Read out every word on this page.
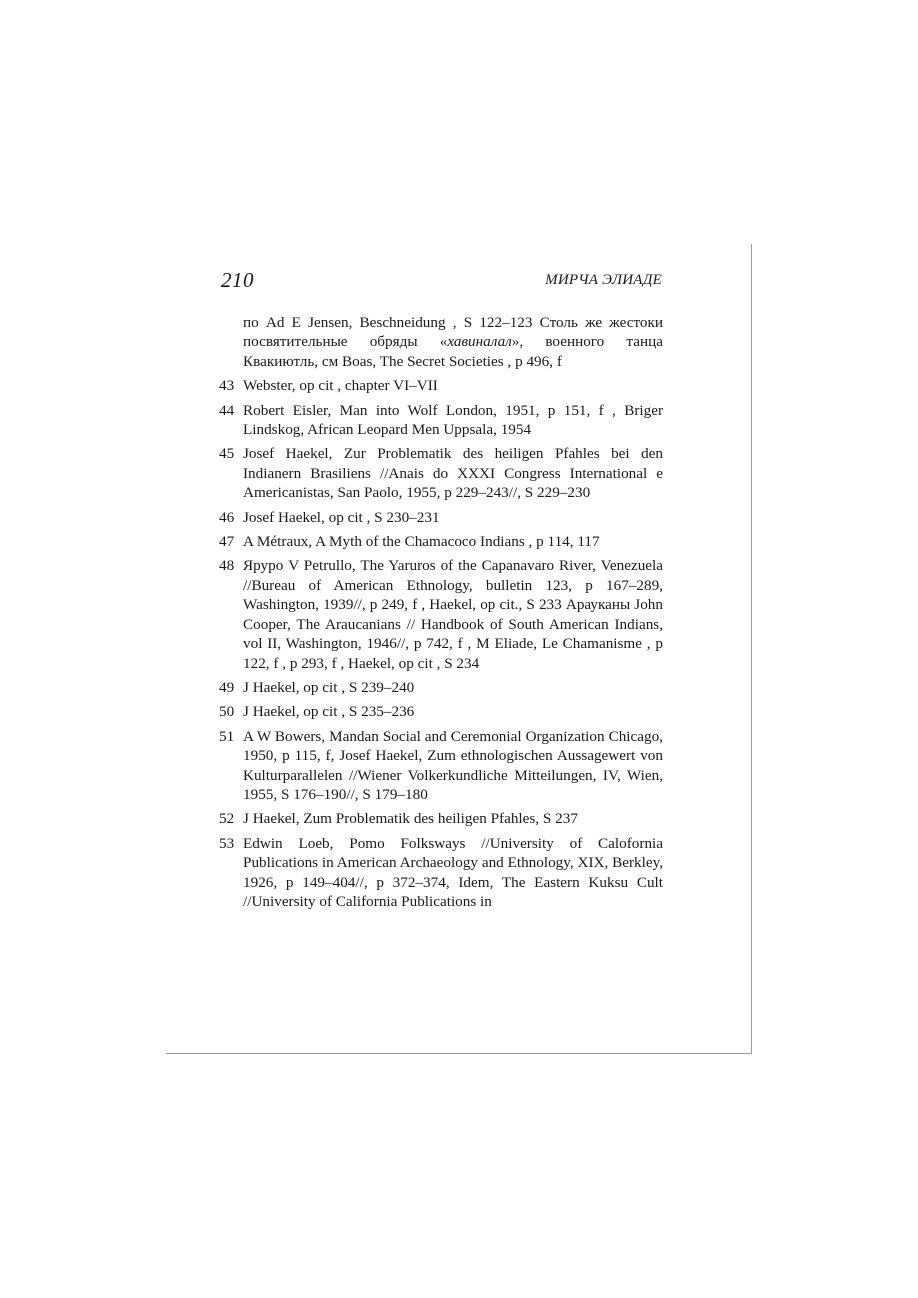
210	МИРЧА ЭЛИАДЕ
по Ad E Jensen, Beschneidung , S 122–123 Столь же жестоки посвятительные обряды «хавиналал», военного танца Квакиютль, см Boas, The Secret Societies , p 496, f
43 Webster, op cit , chapter VI–VII
44 Robert Eisler, Man into Wolf London, 1951, p 151, f , Briger Lindskog, African Leopard Men Uppsala, 1954
45 Josef Haekel, Zur Problematik des heiligen Pfahles bei den Indianern Brasiliens //Anais do XXXI Congress International e Americanistas, San Paolo, 1955, p 229–243//, S 229–230
46 Josef Haekel, op cit , S 230–231
47 A Métraux, A Myth of the Chamacoco Indians , p 114, 117
48 Яруро V Petrullo, The Yaruros of the Capanavaro River, Venezuela //Bureau of American Ethnology, bulletin 123, p 167–289, Washington, 1939//, p 249, f , Haekel, op cit., S 233 Арауканы John Cooper, The Araucanians // Handbook of South American Indians, vol II, Washington, 1946//, p 742, f , M Eliade, Le Chamanisme , p 122, f , p 293, f , Haekel, op cit , S 234
49 J Haekel, op cit , S 239–240
50 J Haekel, op cit , S 235–236
51 A W Bowers, Mandan Social and Ceremonial Organization Chicago, 1950, p 115, f, Josef Haekel, Zum ethnologischen Aussagewert von Kulturparallelen //Wiener Volkerkundliche Mitteilungen, IV, Wien, 1955, S 176–190//, S 179–180
52 J Haekel, Zum Problematik des heiligen Pfahles, S 237
53 Edwin Loeb, Pomo Folksways //University of Calofornia Publications in American Archaeology and Ethnology, XIX, Berkley, 1926, p 149–404//, p 372–374, Idem, The Eastern Kuksu Cult //University of California Publications in
